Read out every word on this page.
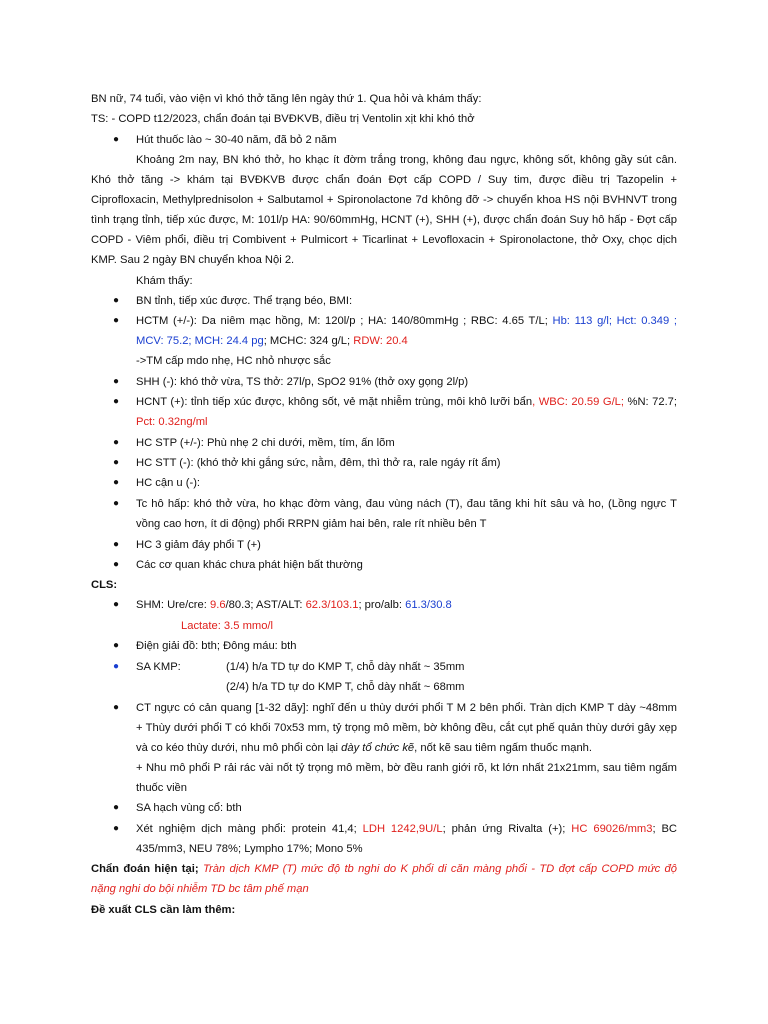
BN nữ, 74 tuổi, vào viện vì khó thở tăng lên ngày thứ 1. Qua hỏi và khám thấy:
TS: - COPD t12/2023, chẩn đoán tại BVĐKVB, điều trị Ventolin xịt khi khó thở
● Hút thuốc lào ~ 30-40 năm, đã bỏ 2 năm
Khoảng 2m nay, BN khó thở, ho khạc ít đờm trắng trong, không đau ngực, không sốt, không gầy sút cân.
Khó thở tăng -> khám tại BVĐKVB được chẩn đoán Đợt cấp COPD / Suy tim, được điều trị Tazopelin +
Ciprofloxacin, Methylprednisolon + Salbutamol + Spironolactone 7d không đỡ -> chuyển khoa HS nội BVHNVT trong
tình trạng tỉnh, tiếp xúc được, M: 101l/p HA: 90/60mmHg, HCNT (+), SHH (+), được chẩn đoán Suy hô hấp - Đợt cấp
COPD - Viêm phổi, điều trị Combivent + Pulmicort + Ticarlinat + Levofloxacin + Spironolactone, thở Oxy, chọc dịch
KMP. Sau 2 ngày BN chuyển khoa Nội 2.
Khám thấy:
● BN tỉnh, tiếp xúc được. Thể trạng béo, BMI:
● HCTM (+/-): Da niêm mạc hồng, M: 120l/p ; HA: 140/80mmHg ; RBC: 4.65 T/L; Hb: 113 g/l; Hct: 0.349 ;
MCV: 75.2; MCH: 24.4 pg; MCHC: 324 g/L; RDW: 20.4
->TM cấp mdo nhẹ, HC nhỏ nhược sắc
● SHH (-): khó thở vừa, TS thở: 27l/p, SpO2 91% (thở oxy gọng 2l/p)
● HCNT (+): tỉnh tiếp xúc được, không sốt, vẻ mặt nhiễm trùng, môi khô lưỡi bẩn, WBC: 20.59 G/L; %N: 72.7;
Pct: 0.32ng/ml
● HC STP (+/-): Phù nhẹ 2 chi dưới, mềm, tím, ấn lõm
● HC STT (-): (khó thở khi gắng sức, nằm, đêm, thì thở ra, rale ngáy rít ẩm)
● HC cận u (-):
● Tc hô hấp: khó thở vừa, ho khạc đờm vàng, đau vùng nách (T), đau tăng khi hít sâu và ho, (Lồng ngực T
vồng cao hơn, ít di động) phổi RRPN giảm hai bên, rale rít nhiều bên T
● HC 3 giảm đáy phổi T (+)
● Các cơ quan khác chưa phát hiện bất thường
CLS:
● SHM: Ure/cre: 9.6/80.3; AST/ALT: 62.3/103.1; pro/alb: 61.3/30.8
Lactate: 3.5 mmo/l
● Điện giải đồ: bth; Đông máu: bth
● SA KMP:	(1/4) h/a TD tự do KMP T, chỗ dày nhất ~ 35mm
(2/4) h/a TD tự do KMP T, chỗ dày nhất ~ 68mm
● CT ngực có cản quang [1-32 dãy]: nghĩ đến u thùy dưới phổi T M 2 bên phổi. Tràn dịch KMP T dày ~48mm
+ Thùy dưới phổi T có khối 70x53 mm, tỷ trọng mô mềm, bờ không đều, cắt cụt phế quản thùy dưới gây xẹp
và co kéo thùy dưới, nhu mô phổi còn lại dày tổ chức kẽ, nốt kẽ sau tiêm ngấm thuốc mạnh.
+ Nhu mô phổi P rải rác vài nốt tỷ trọng mô mềm, bờ đều ranh giới rõ, kt lớn nhất 21x21mm, sau tiêm ngấm
thuốc viền
● SA hạch vùng cổ: bth
● Xét nghiệm dịch màng phổi: protein 41,4; LDH 1242,9U/L; phản ứng Rivalta (+); HC 69026/mm3; BC
435/mm3, NEU 78%; Lympho 17%; Mono 5%
Chẩn đoán hiện tại; Tràn dịch KMP (T) mức độ tb nghi do K phổi di căn màng phổi - TD đợt cấp COPD mức độ
nặng nghi do bội nhiễm TD bc tâm phế mạn
Đề xuất CLS cần làm thêm:
